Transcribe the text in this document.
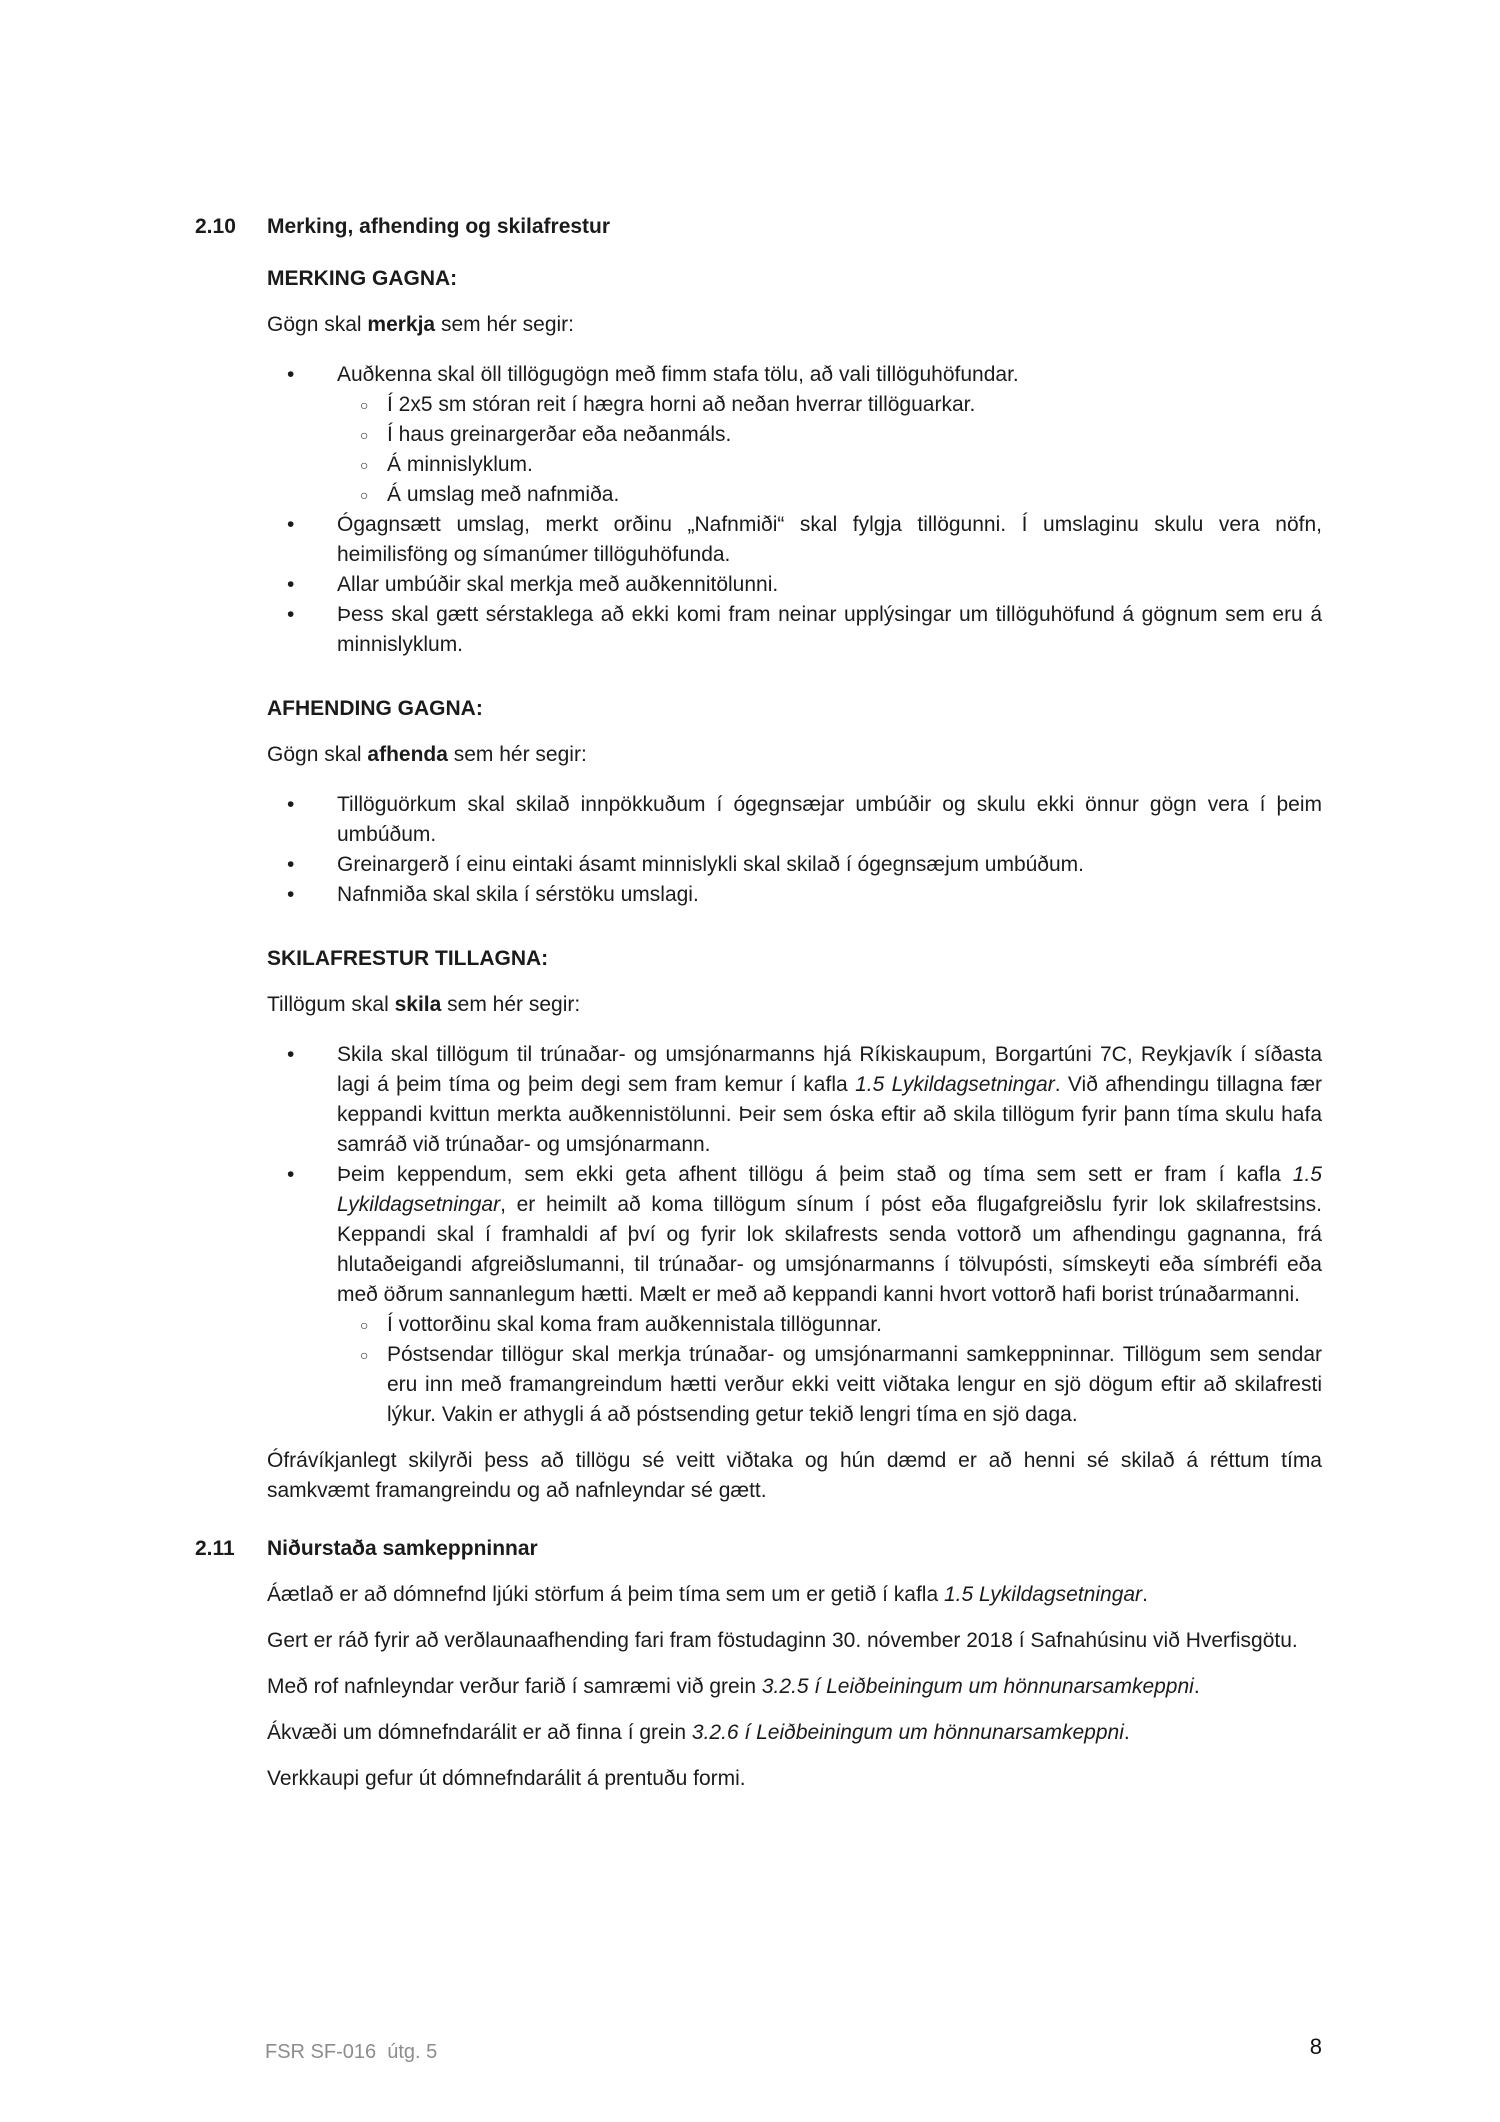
2.10	Merking, afhending og skilafrestur
MERKING GAGNA:
Gögn skal merkja sem hér segir:
• Auðkenna skal öll tillögugögn með fimm stafa tölu, að vali tillöguhöfundar.
○ Í 2x5 sm stóran reit í hægra horni að neðan hverrar tillöguarkar.
○ Í haus greinargerðar eða neðanmáls.
○ Á minnislyklum.
○ Á umslag með nafnmiða.
• Ógagnsætt umslag, merkt orðinu „Nafnmiði“ skal fylgja tillögunni. Í umslaginu skulu vera nöfn, heimilisföng og símanúmer tillöguhöfunda.
• Allar umbúðir skal merkja með auðkennitölunni.
• Þess skal gætt sérstaklega að ekki komi fram neinar upplýsingar um tillöguhöfund á gögnum sem eru á minnislyklum.
AFHENDING GAGNA:
Gögn skal afhenda sem hér segir:
• Tillöguörkum skal skilað innpökkuðum í ógegnsæjar umbúðir og skulu ekki önnur gögn vera í þeim umbúðum.
• Greinargerð í einu eintaki ásamt minnislykli skal skilað í ógegnsæjum umbúðum.
• Nafnmiða skal skila í sérstöku umslagi.
SKILAFRESTUR TILLAGNA:
Tillögum skal skila sem hér segir:
• Skila skal tillögum til trúnaðar- og umsjónarmanns hjá Ríkiskaupum, Borgartúni 7C, Reykjavík í síðasta lagi á þeim tíma og þeim degi sem fram kemur í kafla 1.5 Lykildagsetningar. Við afhendingu tillagna fær keppandi kvittun merkta auðkennistölunni. Þeir sem óska eftir að skila tillögum fyrir þann tíma skulu hafa samráð við trúnaðar- og umsjónarmann.
• Þeim keppendum, sem ekki geta afhent tillögu á þeim stað og tíma sem sett er fram í kafla 1.5 Lykildagsetningar, er heimilt að koma tillögum sínum í póst eða flugafgreiðslu fyrir lok skilafrestsins. Keppandi skal í framhaldi af því og fyrir lok skilafrests senda vottorð um afhendingu gagnanna, frá hlutaðeigandi afgreiðslumanni, til trúnaðar- og umsjónarmanns í tölvupósti, símskeyti eða símbréfi eða með öðrum sannanlegum hætti. Mælt er með að keppandi kanni hvort vottorð hafi borist trúnaðarmanni.
○ Í vottorðinu skal koma fram auðkennistala tillögunnar.
○ Póstsendar tillögur skal merkja trúnaðar- og umsjónarmanni samkeppninnar. Tillögum sem sendar eru inn með framangreindum hætti verður ekki veitt viðtaka lengur en sjö dögum eftir að skilafresti lýkur. Vakin er athygli á að póstsending getur tekið lengri tíma en sjö daga.
Ófrávíkjanlegt skilyrði þess að tillögu sé veitt viðtaka og hún dæmd er að henni sé skilað á réttum tíma samkvæmt framangreindu og að nafnleyndar sé gætt.
2.11	Niðurstaða samkeppninnar
Áætlað er að dómnefnd ljúki störfum á þeim tíma sem um er getið í kafla 1.5 Lykildagsetningar.
Gert er ráð fyrir að verðlaunaafhending fari fram föstudaginn 30. nóvember 2018 í Safnahúsinu við Hverfisgötu.
Með rof nafnleyndar verður farið í samræmi við grein 3.2.5 í Leiðbeiningum um hönnunarsamkeppni.
Ákvæði um dómnefndarálit er að finna í grein 3.2.6 í Leiðbeiningum um hönnunarsamkeppni.
Verkkaupi gefur út dómnefndarálit á prentuðu formi.
FSR SF-016  útg. 5	8
